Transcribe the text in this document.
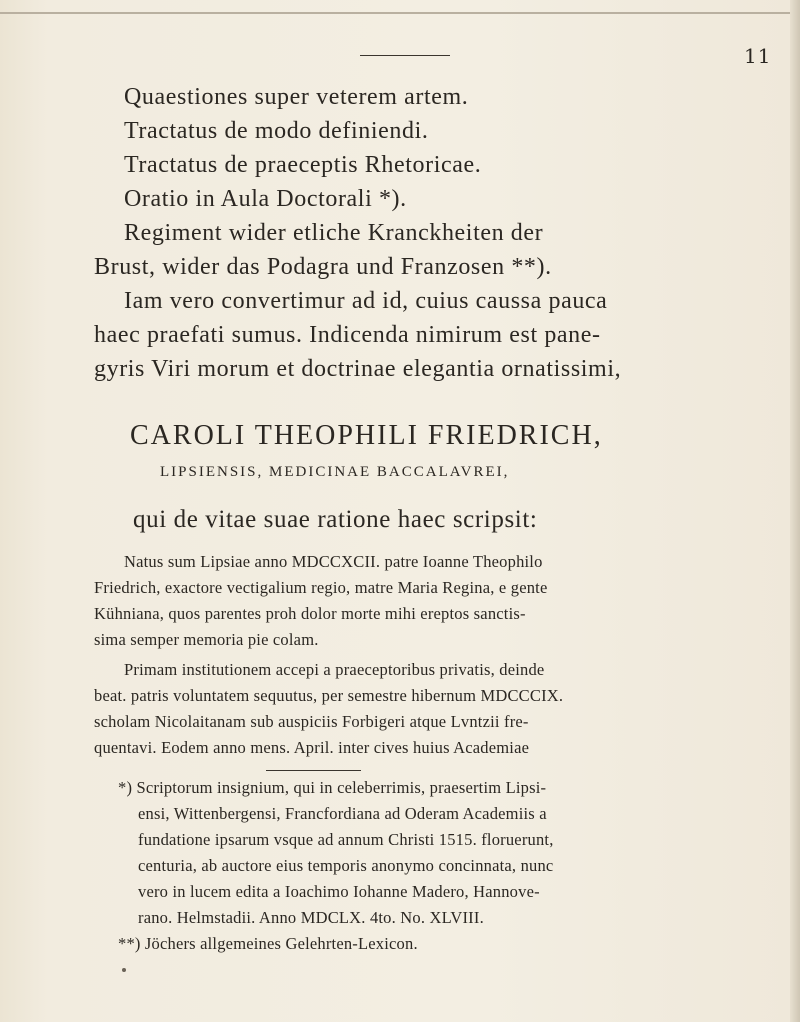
11
Quaestiones super veterem artem.
Tractatus de modo definiendi.
Tractatus de praeceptis Rhetoricae.
Oratio in Aula Doctorali *).
Regiment wider etliche Kranckheiten der
Brust, wider das Podagra und Franzosen **).
Iam vero convertimur ad id, cuius caussa pauca
haec praefati sumus. Indicenda nimirum est pane-
gyris Viri morum et doctrinae elegantia ornatissimi,
CAROLI THEOPHILI FRIEDRICH,
LIPSIENSIS, MEDICINAE BACCALAVREI,
qui de vitae suae ratione haec scripsit:
Natus sum Lipsiae anno MDCCXCII. patre Ioanne Theophilo
Friedrich, exactore vectigalium regio, matre Maria Regina, e gente
Kühniana, quos parentes proh dolor morte mihi ereptos sanctis-
sima semper memoria pie colam.
Primam institutionem accepi a praeceptoribus privatis, deinde
beat. patris voluntatem sequutus, per semestre hibernum MDCCCIX.
scholam Nicolaitanam sub auspiciis Forbigeri atque Lvntzii fre-
quentavi. Eodem anno mens. April. inter cives huius Academiae
*) Scriptorum insignium, qui in celeberrimis, praesertim Lipsi-
ensi, Wittenbergensi, Francfordiana ad Oderam Academiis a
fundatione ipsarum vsque ad annum Christi 1515. floruerunt,
centuria, ab auctore eius temporis anonymo concinnata, nunc
vero in lucem edita a Ioachimo Iohanne Madero, Hannove-
rano. Helmstadii. Anno MDCLX. 4to. No. XLVIII.
**) Jöchers allgemeines Gelehrten-Lexicon.
